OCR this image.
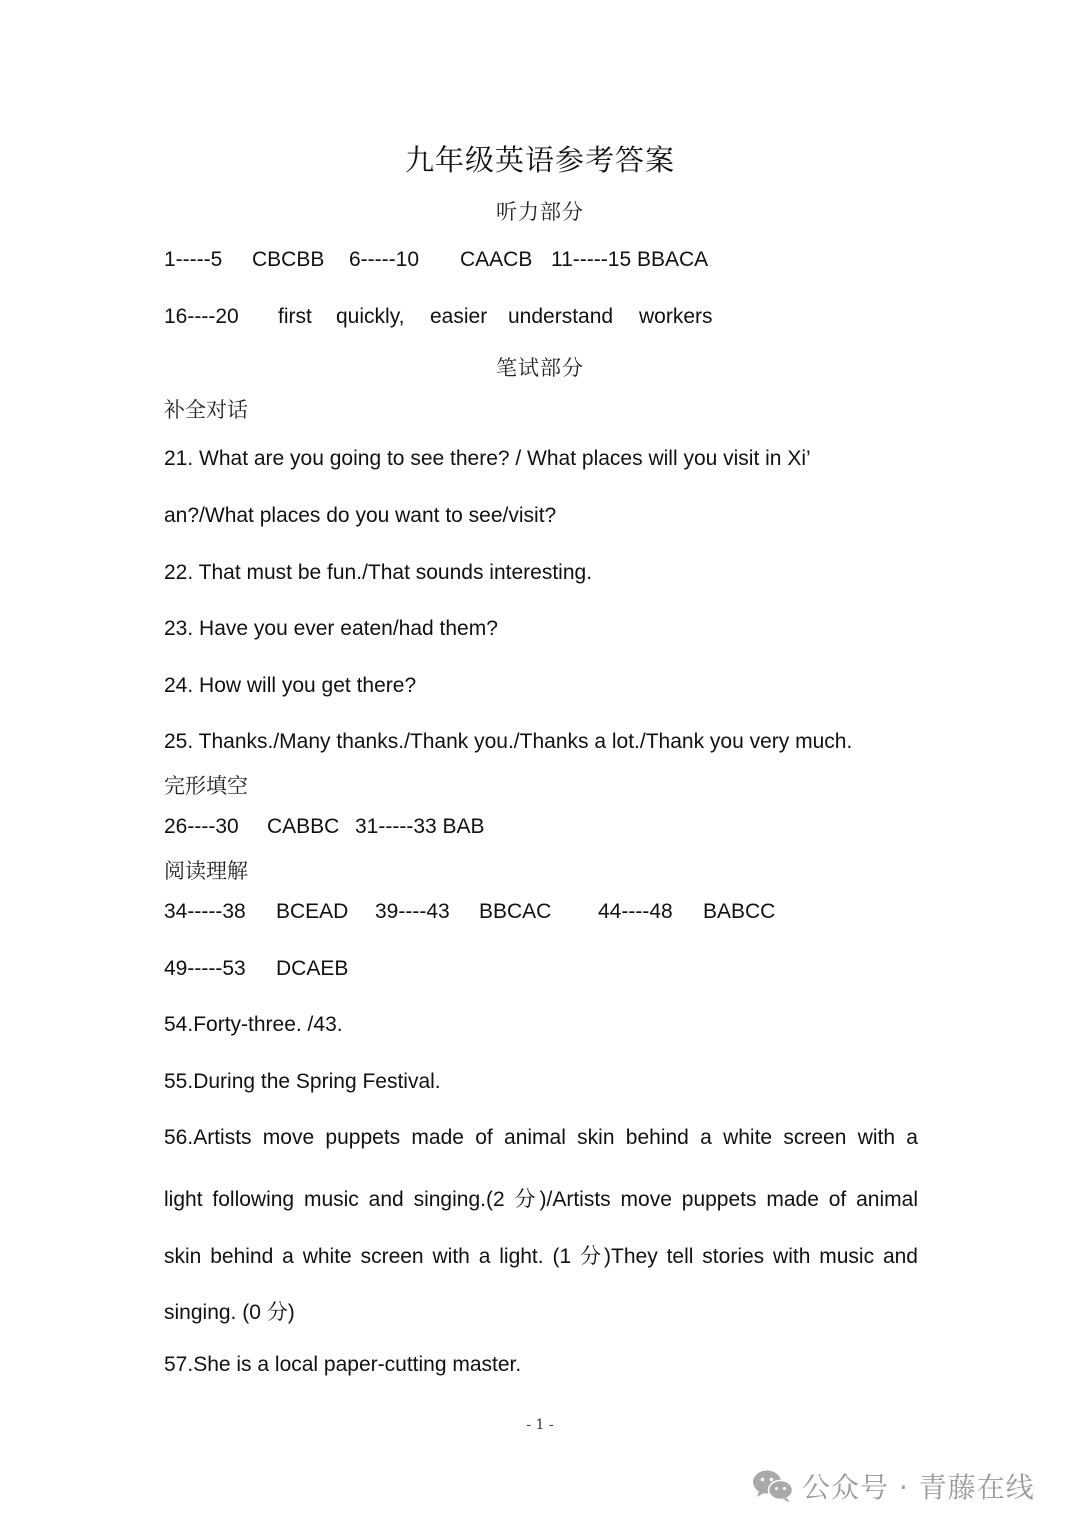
九年级英语参考答案
听力部分
1-----5 CBCBB 6-----10 CAACB 11-----15 BBACA
16----20 first quickly, easier understand workers
笔试部分
补全对话
21. What are you going to see there? / What places will you visit in Xi’
an?/What places do you want to see/visit?
22. That must be fun./That sounds interesting.
23. Have you ever eaten/had them?
24. How will you get there?
25. Thanks./Many thanks./Thank you./Thanks a lot./Thank you very much.
完形填空
26----30 CABBC 31-----33 BAB
阅读理解
34-----38 BCEAD 39----43 BBCAC 44----48 BABCC
49-----53 DCAEB
54.Forty-three. /43.
55.During the Spring Festival.
56.Artists move puppets made of animal skin behind a white screen with a
light following music and singing.(2 分)/Artists move puppets made of animal
skin behind a white screen with a light. (1 分)They tell stories with music and
singing. (0 分)
57.She is a local paper-cutting master.
- 1 -
公众号 · 青藤在线
